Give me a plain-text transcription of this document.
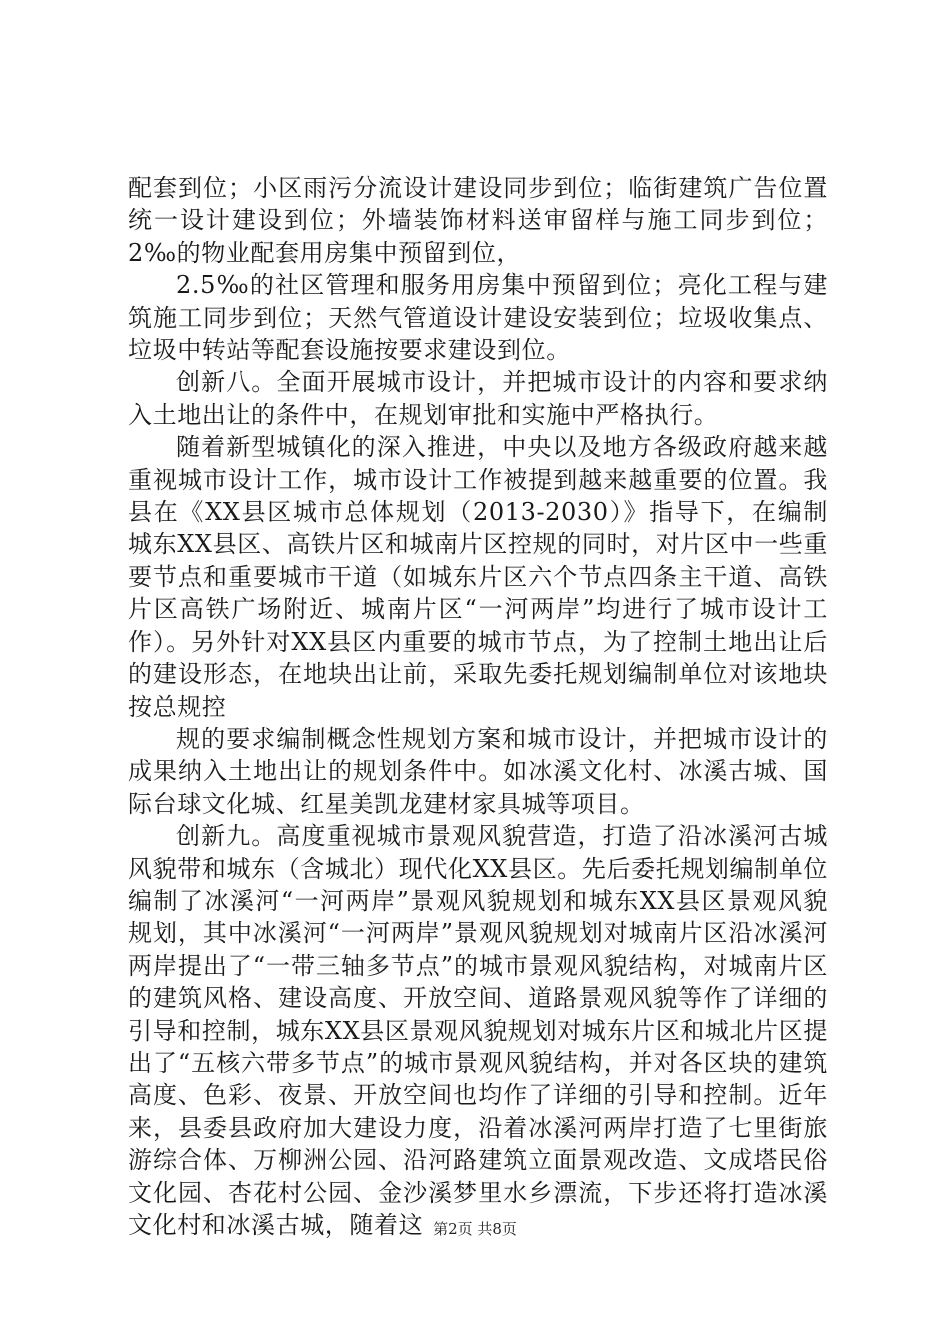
配套到位；小区雨污分流设计建设同步到位；临街建筑广告位置统一设计建设到位；外墙装饰材料送审留样与施工同步到位；2‰的物业配套用房集中预留到位，

2.5‰的社区管理和服务用房集中预留到位；亮化工程与建筑施工同步到位；天然气管道设计建设安装到位；垃圾收集点、垃圾中转站等配套设施按要求建设到位。

创新八。全面开展城市设计，并把城市设计的内容和要求纳入土地出让的条件中，在规划审批和实施中严格执行。

随着新型城镇化的深入推进，中央以及地方各级政府越来越重视城市设计工作，城市设计工作被提到越来越重要的位置。我县在《XX县区城市总体规划（2013-2030）》指导下，在编制城东XX县区、高铁片区和城南片区控规的同时，对片区中一些重要节点和重要城市干道（如城东片区六个节点四条主干道、高铁片区高铁广场附近、城南片区“一河两岸”均进行了城市设计工作）。另外针对XX县区内重要的城市节点，为了控制土地出让后的建设形态，在地块出让前，采取先委托规划编制单位对该地块按总规控

规的要求编制概念性规划方案和城市设计，并把城市设计的成果纳入土地出让的规划条件中。如冰溪文化村、冰溪古城、国际台球文化城、红星美凯龙建材家具城等项目。

创新九。高度重视城市景观风貌营造，打造了沿冰溪河古城风貌带和城东（含城北）现代化XX县区。先后委托规划编制单位编制了冰溪河“一河两岸”景观风貌规划和城东XX县区景观风貌规划，其中冰溪河“一河两岸”景观风貌规划对城南片区沿冰溪河两岸提出了“一带三轴多节点”的城市景观风貌结构，对城南片区的建筑风格、建设高度、开放空间、道路景观风貌等作了详细的引导和控制，城东XX县区景观风貌规划对城东片区和城北片区提出了“五核六带多节点”的城市景观风貌结构，并对各区块的建筑高度、色彩、夜景、开放空间也均作了详细的引导和控制。近年来，县委县政府加大建设力度，沿着冰溪河两岸打造了七里街旅游综合体、万柳洲公园、沿河路建筑立面景观改造、文成塔民俗文化园、杏花村公园、金沙溪梦里水乡漂流，下步还将打造冰溪文化村和冰溪古城，随着这 第2页 共8页
